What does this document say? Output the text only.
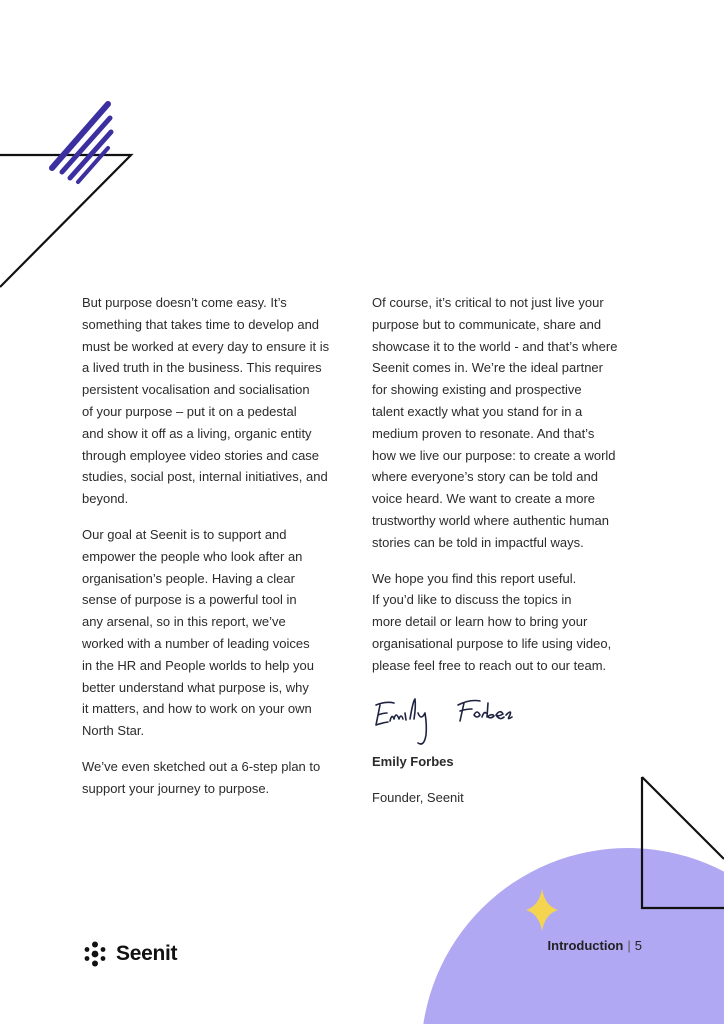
But purpose doesn’t come easy. It’s
something that takes time to develop and
must be worked at every day to ensure it is
a lived truth in the business. This requires
persistent vocalisation and socialisation
of your purpose – put it on a pedestal
and show it off as a living, organic entity
through employee video stories and case
studies, social post, internal initiatives, and
beyond.

Our goal at Seenit is to support and
empower the people who look after an
organisation’s people. Having a clear
sense of purpose is a powerful tool in
any arsenal, so in this report, we’ve
worked with a number of leading voices
in the HR and People worlds to help you
better understand what purpose is, why
it matters, and how to work on your own
North Star.

We’ve even sketched out a 6-step plan to
support your journey to purpose.

Of course, it’s critical to not just live your
purpose but to communicate, share and
showcase it to the world - and that’s where
Seenit comes in. We’re the ideal partner
for showing existing and prospective
talent exactly what you stand for in a
medium proven to resonate. And that’s
how we live our purpose: to create a world
where everyone’s story can be told and
voice heard. We want to create a more
trustworthy world where authentic human
stories can be told in impactful ways.

We hope you find this report useful.
If you’d like to discuss the topics in
more detail or learn how to bring your
organisational purpose to life using video,
please feel free to reach out to our team.

Emily Forbes

Founder, Seenit

Seenit	Introduction | 5
